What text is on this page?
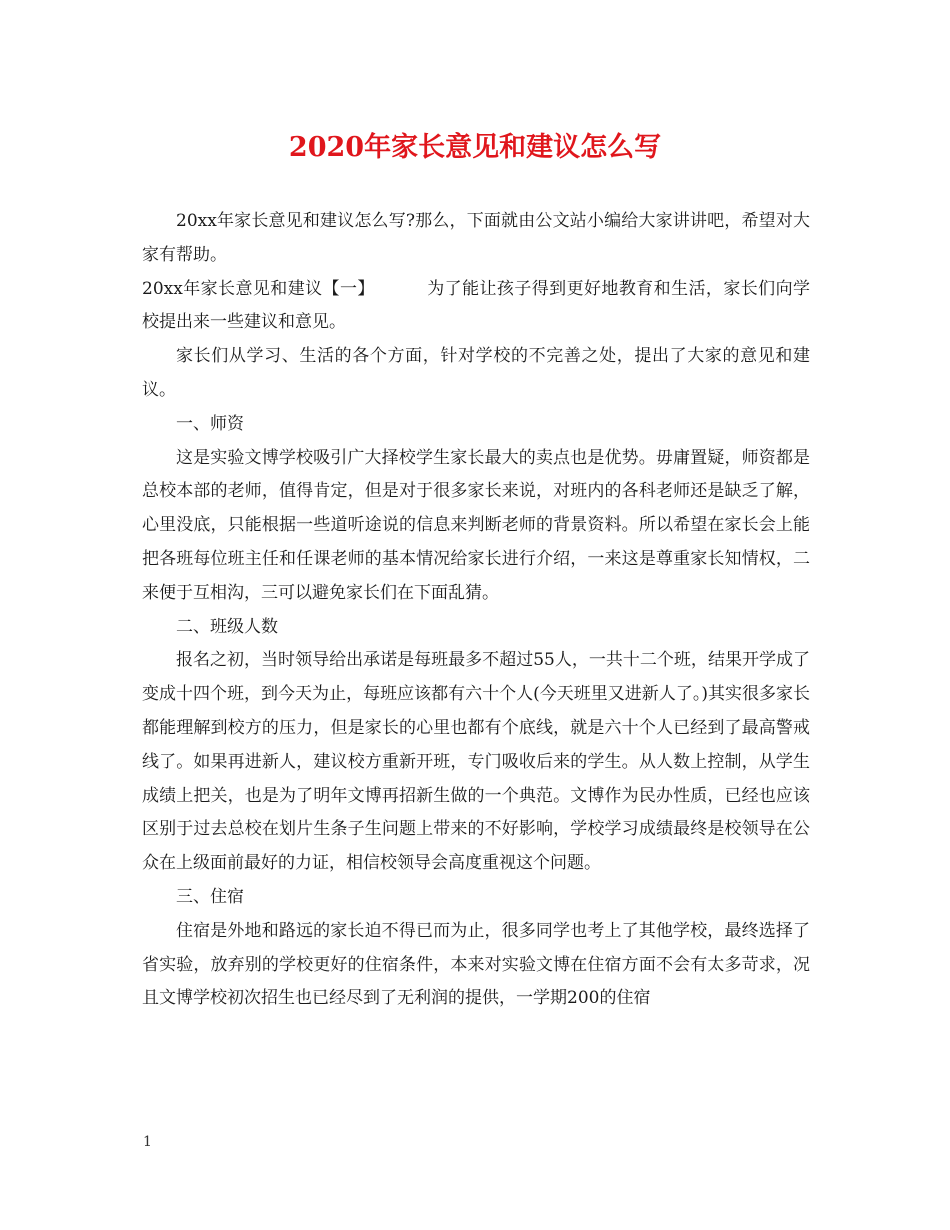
2020年家长意见和建议怎么写

20xx年家长意见和建议怎么写?那么，下面就由公文站小编给大家讲讲吧，希望对大家有帮助。

20xx年家长意见和建议【一】	为了能让孩子得到更好地教育和生活，家长们向学校提出来一些建议和意见。

家长们从学习、生活的各个方面，针对学校的不完善之处，提出了大家的意见和建议。

一、师资

这是实验文博学校吸引广大择校学生家长最大的卖点也是优势。毋庸置疑，师资都是总校本部的老师，值得肯定，但是对于很多家长来说，对班内的各科老师还是缺乏了解，心里没底，只能根据一些道听途说的信息来判断老师的背景资料。所以希望在家长会上能把各班每位班主任和任课老师的基本情况给家长进行介绍，一来这是尊重家长知情权，二来便于互相沟，三可以避免家长们在下面乱猜。

二、班级人数

报名之初，当时领导给出承诺是每班最多不超过55人，一共十二个班，结果开学成了变成十四个班，到今天为止，每班应该都有六十个人(今天班里又进新人了。)其实很多家长都能理解到校方的压力，但是家长的心里也都有个底线，就是六十个人已经到了最高警戒线了。如果再进新人，建议校方重新开班，专门吸收后来的学生。从人数上控制，从学生成绩上把关，也是为了明年文博再招新生做的一个典范。文博作为民办性质，已经也应该区别于过去总校在划片生条子生问题上带来的不好影响，学校学习成绩最终是校领导在公众在上级面前最好的力证，相信校领导会高度重视这个问题。

三、住宿

住宿是外地和路远的家长迫不得已而为止，很多同学也考上了其他学校，最终选择了省实验，放弃别的学校更好的住宿条件，本来对实验文博在住宿方面不会有太多苛求，况且文博学校初次招生也已经尽到了无利润的提供，一学期200的住宿

1
